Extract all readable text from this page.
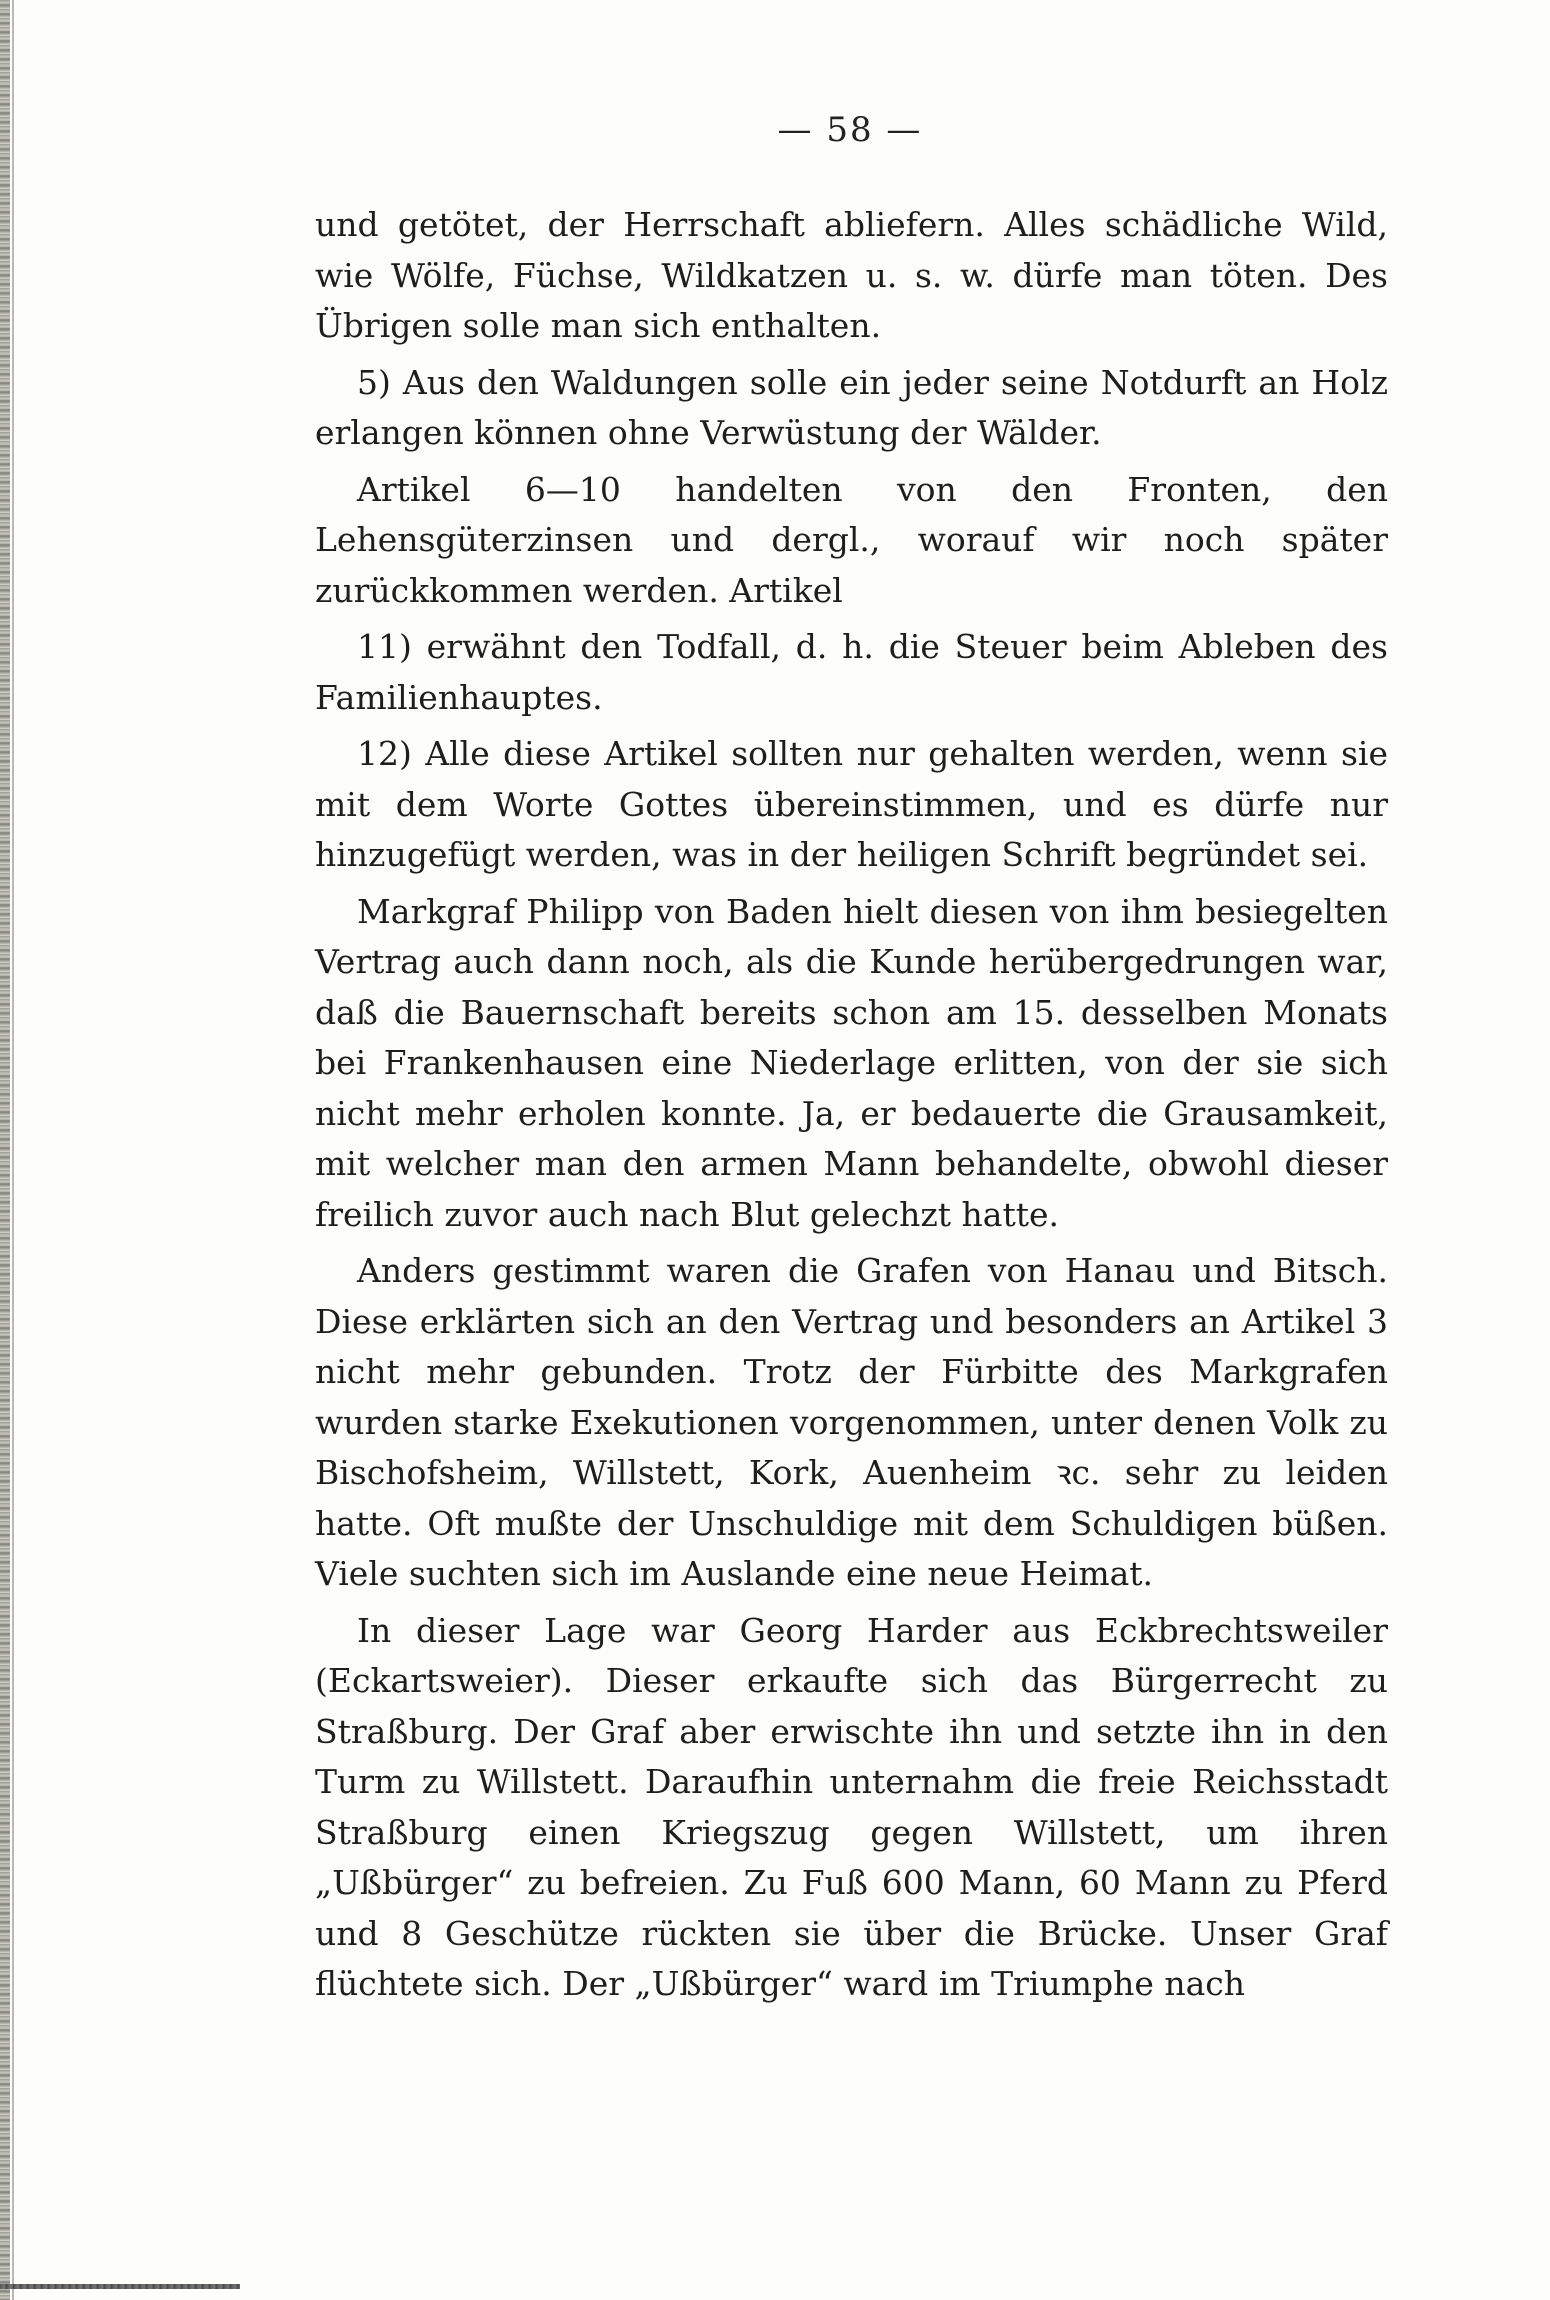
— 58 —

und getötet, der Herrschaft abliefern. Alles schädliche Wild, wie Wölfe, Füchse, Wildkatzen u. s. w. dürfe man töten. Des Übrigen solle man sich enthalten.

5) Aus den Waldungen solle ein jeder seine Notdurft an Holz erlangen können ohne Verwüstung der Wälder.

Artikel 6—10 handelten von den Fronten, den Lehensgüterzinsen und dergl., worauf wir noch später zurückkommen werden. Artikel

11) erwähnt den Todfall, d. h. die Steuer beim Ableben des Familienhauptes.

12) Alle diese Artikel sollten nur gehalten werden, wenn sie mit dem Worte Gottes übereinstimmen, und es dürfe nur hinzugefügt werden, was in der heiligen Schrift begründet sei.

Markgraf Philipp von Baden hielt diesen von ihm besiegelten Vertrag auch dann noch, als die Kunde herübergedrungen war, daß die Bauernschaft bereits schon am 15. desselben Monats bei Frankenhausen eine Niederlage erlitten, von der sie sich nicht mehr erholen konnte. Ja, er bedauerte die Grausamkeit, mit welcher man den armen Mann behandelte, obwohl dieser freilich zuvor auch nach Blut gelechzt hatte.

Anders gestimmt waren die Grafen von Hanau und Bitsch. Diese erklärten sich an den Vertrag und besonders an Artikel 3 nicht mehr gebunden. Trotz der Fürbitte des Markgrafen wurden starke Exekutionen vorgenommen, unter denen Volk zu Bischofsheim, Willstett, Kork, Auenheim ꝛc. sehr zu leiden hatte. Oft mußte der Unschuldige mit dem Schuldigen büßen. Viele suchten sich im Auslande eine neue Heimat.

In dieser Lage war Georg Harder aus Eckbrechtsweiler (Eckartsweier). Dieser erkaufte sich das Bürgerrecht zu Straßburg. Der Graf aber erwischte ihn und setzte ihn in den Turm zu Willstett. Daraufhin unternahm die freie Reichsstadt Straßburg einen Kriegszug gegen Willstett, um ihren „Ußbürger“ zu befreien. Zu Fuß 600 Mann, 60 Mann zu Pferd und 8 Geschütze rückten sie über die Brücke. Unser Graf flüchtete sich. Der „Ußbürger“ ward im Triumphe nach
